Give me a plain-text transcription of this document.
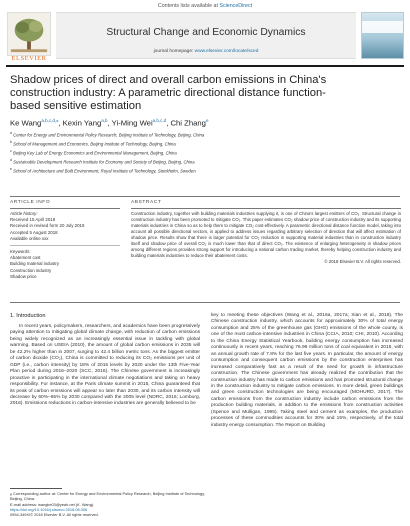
Contents lists available at ScienceDirect
ELSEVIER
Structural Change and Economic Dynamics
journal homepage: www.elsevier.com/locate/sced
Shadow prices of direct and overall carbon emissions in China's construction industry: A parametric directional distance function-based sensitive estimation
Ke Wang$^{a,b,c,d,⁎}$, Kexin Yang$^{a,b}$, Yi-Ming Wei$^{a,b,c,d}$, Chi Zhang$^e$
$^a$ Center for Energy and Environmental Policy Research, Beijing Institute of Technology, Beijing, China
$^b$ School of Management and Economics, Beijing Institute of Technology, Beijing, China
$^c$ Beijing Key Lab of Energy Economics and Environmental Management, Beijing, China
$^d$ Sustainable Development Research Institute for Economy and Society of Beijing, Beijing, China
$^e$ School of Architecture and Built Environment, Royal Institute of Technology, Stockholm, Sweden
ARTICLE INFO	ABSTRACT
Article history:
Received 15 April 2018
Received in revised form 20 July 2018
Accepted 5 August 2018
Available online xxx
Keywords:
Abatement cost
Building material industry
Construction industry
Shadow price
Construction industry, together with building materials industries supplying it, is one of China's largest emitters of CO₂. Structural change in construction industry has been promoted to mitigate CO₂. This paper estimates CO₂ shadow price of construction industry and its supporting materials industries in China so as to help them to mitigate CO₂ cost-effectively. A parametric directional distance function model, taking into account all possible directional vectors, is applied to address issues regarding arbitrary selection of direction that will affect estimation of shadow price. Results show that there is larger potential for CO₂ reduction in supporting material industries than in construction industry itself and shadow price of overall CO₂ is much lower than that of direct CO₂. The existence of enlarging heterogeneity in shadow prices among different regions provides strong support for introducing a national carbon trading market, thereby helping construction industry and building materials industries to reduce their abatement costs.
© 2018 Elsevier B.V. All rights reserved.
1. Introduction
In recent years, policymakers, researchers, and academics have been progressively paying attention to mitigating global climate change, with reduction of carbon emissions being widely recognized as an increasingly essential issue in tackling with global warming. Based on USEIA (2010), the amount of global carbon emissions in 2035 will be 42.2% higher than in 2007, surging to 42.4 billion metric tons. As the biggest emitter of carbon dioxide (CO₂), China is committed to reducing its CO₂ emissions per unit of GDP (i.e., carbon intensity) by 18% of 2015 levels by 2020 under the 13th Five-Year Plan period during 2016–2020 (SCC, 2016). The Chinese government is increasingly proactive in participating in the international climate negotiations and taking on heavy responsibility. For instance, at the Paris climate summit in 2015, China guaranteed that its peak of carbon emissions will appear no later than 2030, and its carbon intensity will decrease by 60%–65% by 2030 compared with the 2005 level (NDRC, 2015; Lomborg, 2016). Emissions reductions in carbon-intensive industries are generally believed to be
key to meeting these objectives (Wang et al., 2016a, 2017a; Xian et al., 2018). The Chinese construction industry, which accounts for approximately 30% of total energy consumption and 25% of the greenhouse gas (GHG) emissions of the whole county, is one of the most carbon-intensive industries in China (CCIA, 2010; CHI, 2010). According to the China Energy Statistical Yearbook, building energy consumption has increased continuously in recent years, reaching 76.96 million tons of coal equivalent in 2015, with an annual growth rate of 7.8% for the last five years. In particular, the amount of energy consumption and consequent carbon emissions by the construction enterprises has increased comparatively fast as a result of the need for growth in infrastructure construction. The Chinese government has already realized the contribution that the construction industry has made to carbon emissions and has promoted structural change in the construction industry to mitigate carbon emissions. In more detail, green buildings and green construction technologies are being encouraged (MOHURD, 2017). The carbon emissions from the construction industry include carbon emissions from the production building materials, in addition to the emissions from construction activities (Spence and Mulligan, 1995). Taking steel and cement as examples, the production processes of these commodities accounts for 30% and 15%, respectively, of the total industry energy consumption. The Report on Building
⁎ Corresponding author at: Center for Energy and Environmental Policy Research, Beijing Institute of Technology, Beijing, China.
E-mail address: wangke03@yeah.net (K. Wang).
https://doi.org/10.1016/j.strueco.2018.08.006
0954-349X/© 2018 Elsevier B.V. All rights reserved.
